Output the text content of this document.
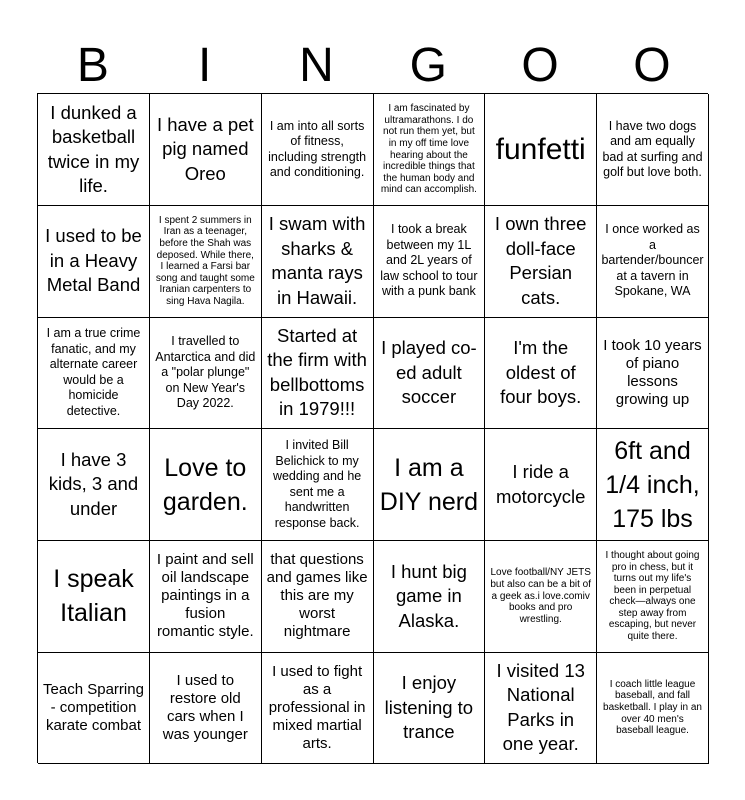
B	I	N	G	O	O
I dunked a basketball twice in my life.
I have a pet pig named Oreo
I am into all sorts of fitness, including strength and conditioning.
I am fascinated by ultramarathons. I do not run them yet, but in my off time love hearing about the incredible things that the human body and mind can accomplish.
funfetti
I have two dogs and am equally bad at surfing and golf but love both.
I used to be in a Heavy Metal Band
I spent 2 summers in Iran as a teenager, before the Shah was deposed. While there, I learned a Farsi bar song and taught some Iranian carpenters to sing Hava Nagila.
I swam with sharks & manta rays in Hawaii.
I took a break between my 1L and 2L years of law school to tour with a punk bank
I own three doll-face Persian cats.
I once worked as a bartender/bouncer at a tavern in Spokane, WA
I am a true crime fanatic, and my alternate career would be a homicide detective.
I travelled to Antarctica and did a "polar plunge" on New Year's Day 2022.
Started at the firm with bellbottoms in 1979!!!
I played co-ed adult soccer
I'm the oldest of four boys.
I took 10 years of piano lessons growing up
I have 3 kids, 3 and under
Love to garden.
I invited Bill Belichick to my wedding and he sent me a handwritten response back.
I am a DIY nerd
I ride a motorcycle
6ft and 1/4 inch, 175 lbs
I speak Italian
I paint and sell oil landscape paintings in a fusion romantic style.
that questions and games like this are my worst nightmare
I hunt big game in Alaska.
Love football/NY JETS but also can be a bit of a geek as.i love.comiv books and pro wrestling.
I thought about going pro in chess, but it turns out my life's been in perpetual check—always one step away from escaping, but never quite there.
Teach Sparring - competition karate combat
I used to restore old cars when I was younger
I used to fight as a professional in mixed martial arts.
I enjoy listening to trance
I visited 13 National Parks in one year.
I coach little league baseball, and fall basketball. I play in an over 40 men's baseball league.
